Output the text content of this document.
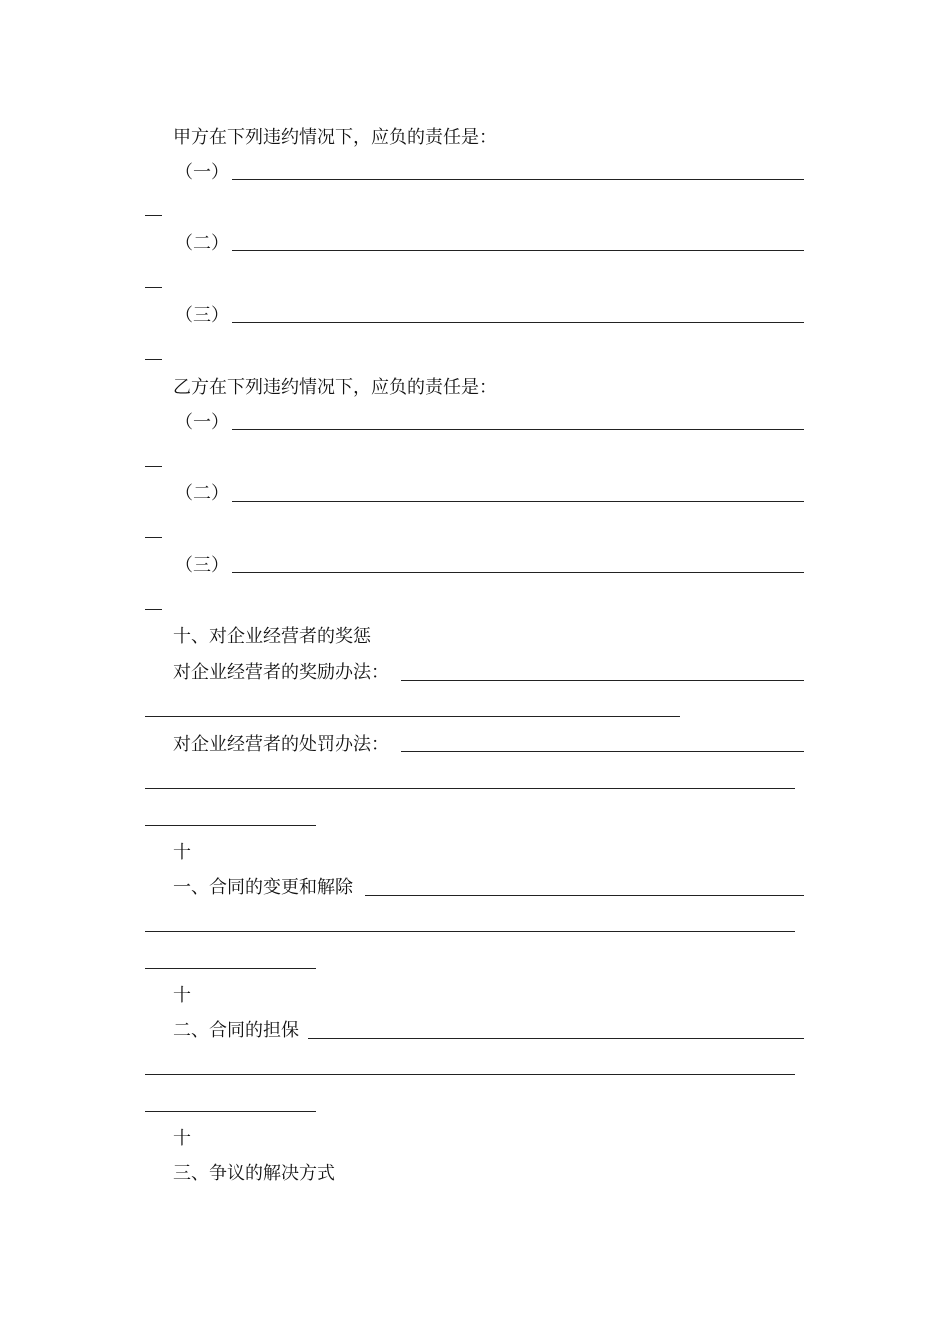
甲方在下列违约情况下，应负的责任是：
（一）
（二）
（三）
乙方在下列违约情况下，应负的责任是：
（一）
（二）
（三）
十、对企业经营者的奖惩
对企业经营者的奖励办法：
对企业经营者的处罚办法：
十
一、合同的变更和解除
十
二、合同的担保
十
三、争议的解决方式
